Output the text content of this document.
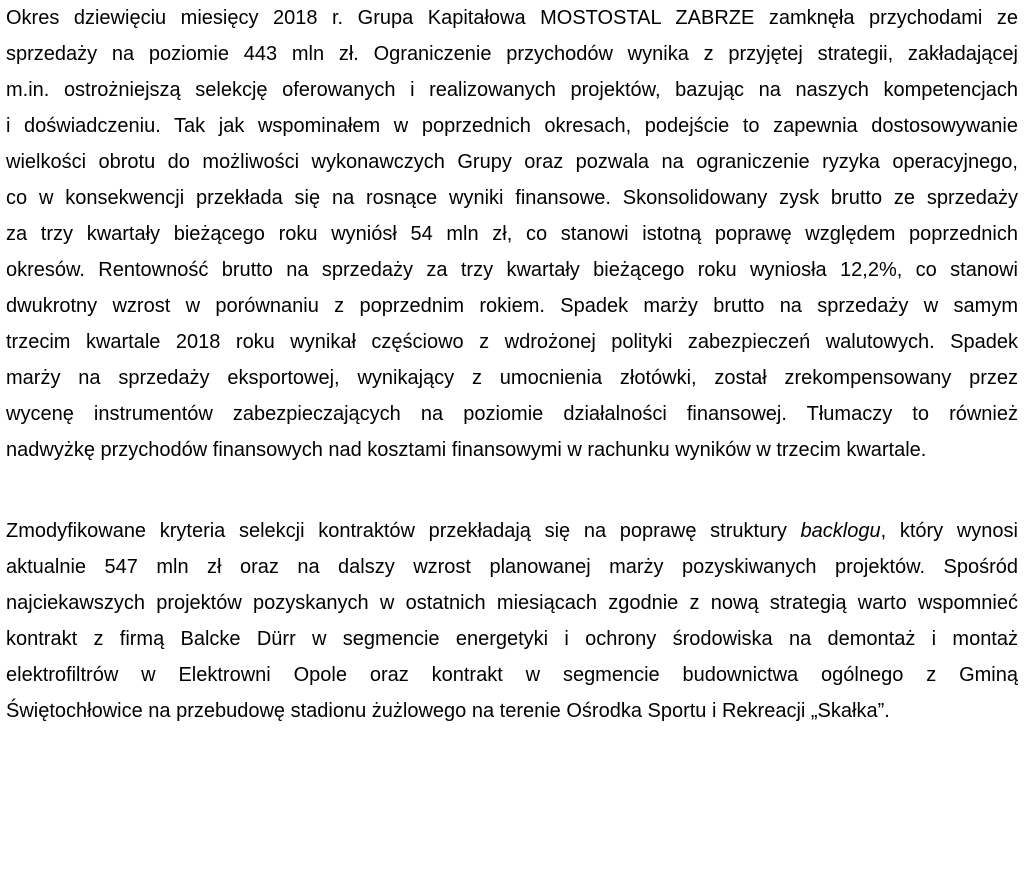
Okres dziewięciu miesięcy 2018 r. Grupa Kapitałowa MOSTOSTAL ZABRZE zamknęła przychodami ze
sprzedaży na poziomie 443 mln zł. Ograniczenie przychodów wynika z przyjętej strategii, zakładającej
m.in. ostrożniejszą selekcję oferowanych i realizowanych projektów, bazując na naszych kompetencjach
i doświadczeniu. Tak jak wspominałem w poprzednich okresach, podejście to zapewnia dostosowywanie
wielkości obrotu do możliwości wykonawczych Grupy oraz pozwala na ograniczenie ryzyka operacyjnego,
co w konsekwencji przekłada się na rosnące wyniki finansowe. Skonsolidowany zysk brutto ze sprzedaży
za trzy kwartały bieżącego roku wyniósł 54 mln zł, co stanowi istotną poprawę względem poprzednich
okresów. Rentowność brutto na sprzedaży za trzy kwartały bieżącego roku wyniosła 12,2%, co stanowi
dwukrotny wzrost w porównaniu z poprzednim rokiem. Spadek marży brutto na sprzedaży w samym
trzecim kwartale 2018 roku wynikał częściowo z wdrożonej polityki zabezpieczeń walutowych. Spadek
marży na sprzedaży eksportowej, wynikający z umocnienia złotówki, został zrekompensowany przez
wycenę instrumentów zabezpieczających na poziomie działalności finansowej. Tłumaczy to również
nadwyżkę przychodów finansowych nad kosztami finansowymi w rachunku wyników w trzecim kwartale.
Zmodyfikowane kryteria selekcji kontraktów przekładają się na poprawę struktury backlogu, który wynosi
aktualnie 547 mln zł oraz na dalszy wzrost planowanej marży pozyskiwanych projektów. Spośród
najciekawszych projektów pozyskanych w ostatnich miesiącach zgodnie z nową strategią warto wspomnieć
kontrakt z firmą Balcke Dürr w segmencie energetyki i ochrony środowiska na demontaż i montaż
elektrofiltrów w Elektrowni Opole oraz kontrakt w segmencie budownictwa ogólnego z Gminą
Świętochłowice na przebudowę stadionu żużlowego na terenie Ośrodka Sportu i Rekreacji „Skałka”.
